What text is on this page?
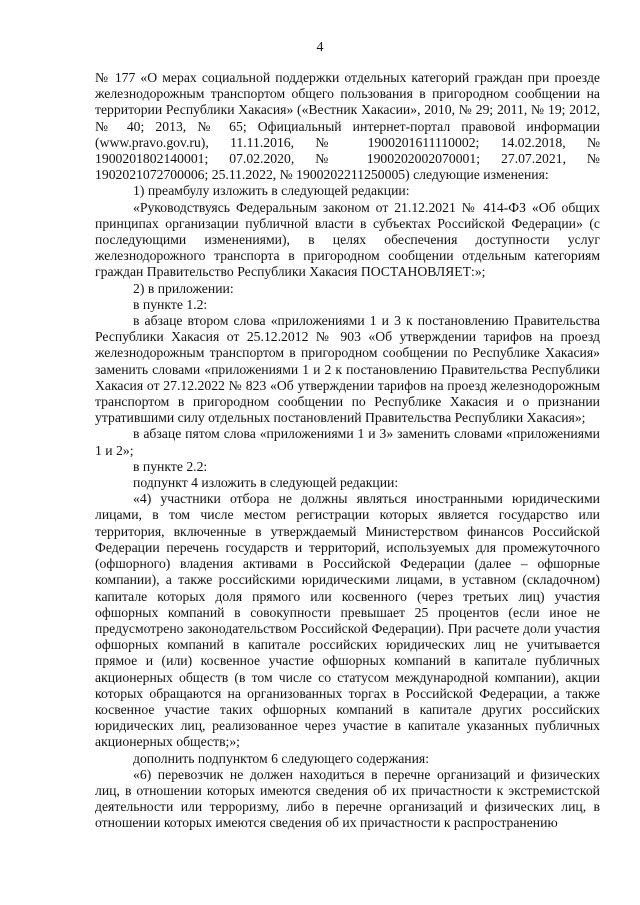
4

№ 177 «О мерах социальной поддержки отдельных категорий граждан при проезде железнодорожным транспортом общего пользования в пригородном сообщении на территории Республики Хакасия» («Вестник Хакасии», 2010, № 29; 2011, № 19; 2012, № 40; 2013, № 65; Официальный интернет-портал правовой информации (www.pravo.gov.ru), 11.11.2016, № 1900201611110002; 14.02.2018, № 1900201802140001; 07.02.2020, № 1900202002070001; 27.07.2021, № 1902021072700006; 25.11.2022, № 1900202211250005) следующие изменения:

1) преамбулу изложить в следующей редакции:

«Руководствуясь Федеральным законом от 21.12.2021 № 414-ФЗ «Об общих принципах организации публичной власти в субъектах Российской Федерации» (с последующими изменениями), в целях обеспечения доступности услуг железнодорожного транспорта в пригородном сообщении отдельным категориям граждан Правительство Республики Хакасия ПОСТАНОВЛЯЕТ:»;

2) в приложении:

в пункте 1.2:

в абзаце втором слова «приложениями 1 и 3 к постановлению Правительства Республики Хакасия от 25.12.2012 № 903 «Об утверждении тарифов на проезд железнодорожным транспортом в пригородном сообщении по Республике Хакасия» заменить словами «приложениями 1 и 2 к постановлению Правительства Республики Хакасия от 27.12.2022 № 823 «Об утверждении тарифов на проезд железнодорожным транспортом в пригородном сообщении по Республике Хакасия и о признании утратившими силу отдельных постановлений Правительства Республики Хакасия»;

в абзаце пятом слова «приложениями 1 и 3» заменить словами «приложениями 1 и 2»;

в пункте 2.2:

подпункт 4 изложить в следующей редакции:

«4) участники отбора не должны являться иностранными юридическими лицами, в том числе местом регистрации которых является государство или территория, включенные в утверждаемый Министерством финансов Российской Федерации перечень государств и территорий, используемых для промежуточного (офшорного) владения активами в Российской Федерации (далее – офшорные компании), а также российскими юридическими лицами, в уставном (складочном) капитале которых доля прямого или косвенного (через третьих лиц) участия офшорных компаний в совокупности превышает 25 процентов (если иное не предусмотрено законодательством Российской Федерации). При расчете доли участия офшорных компаний в капитале российских юридических лиц не учитывается прямое и (или) косвенное участие офшорных компаний в капитале публичных акционерных обществ (в том числе со статусом международной компании), акции которых обращаются на организованных торгах в Российской Федерации, а также косвенное участие таких офшорных компаний в капитале других российских юридических лиц, реализованное через участие в капитале указанных публичных акционерных обществ;»;

дополнить подпунктом 6 следующего содержания:

«6) перевозчик не должен находиться в перечне организаций и физических лиц, в отношении которых имеются сведения об их причастности к экстремистской деятельности или терроризму, либо в перечне организаций и физических лиц, в отношении которых имеются сведения об их причастности к распространению
